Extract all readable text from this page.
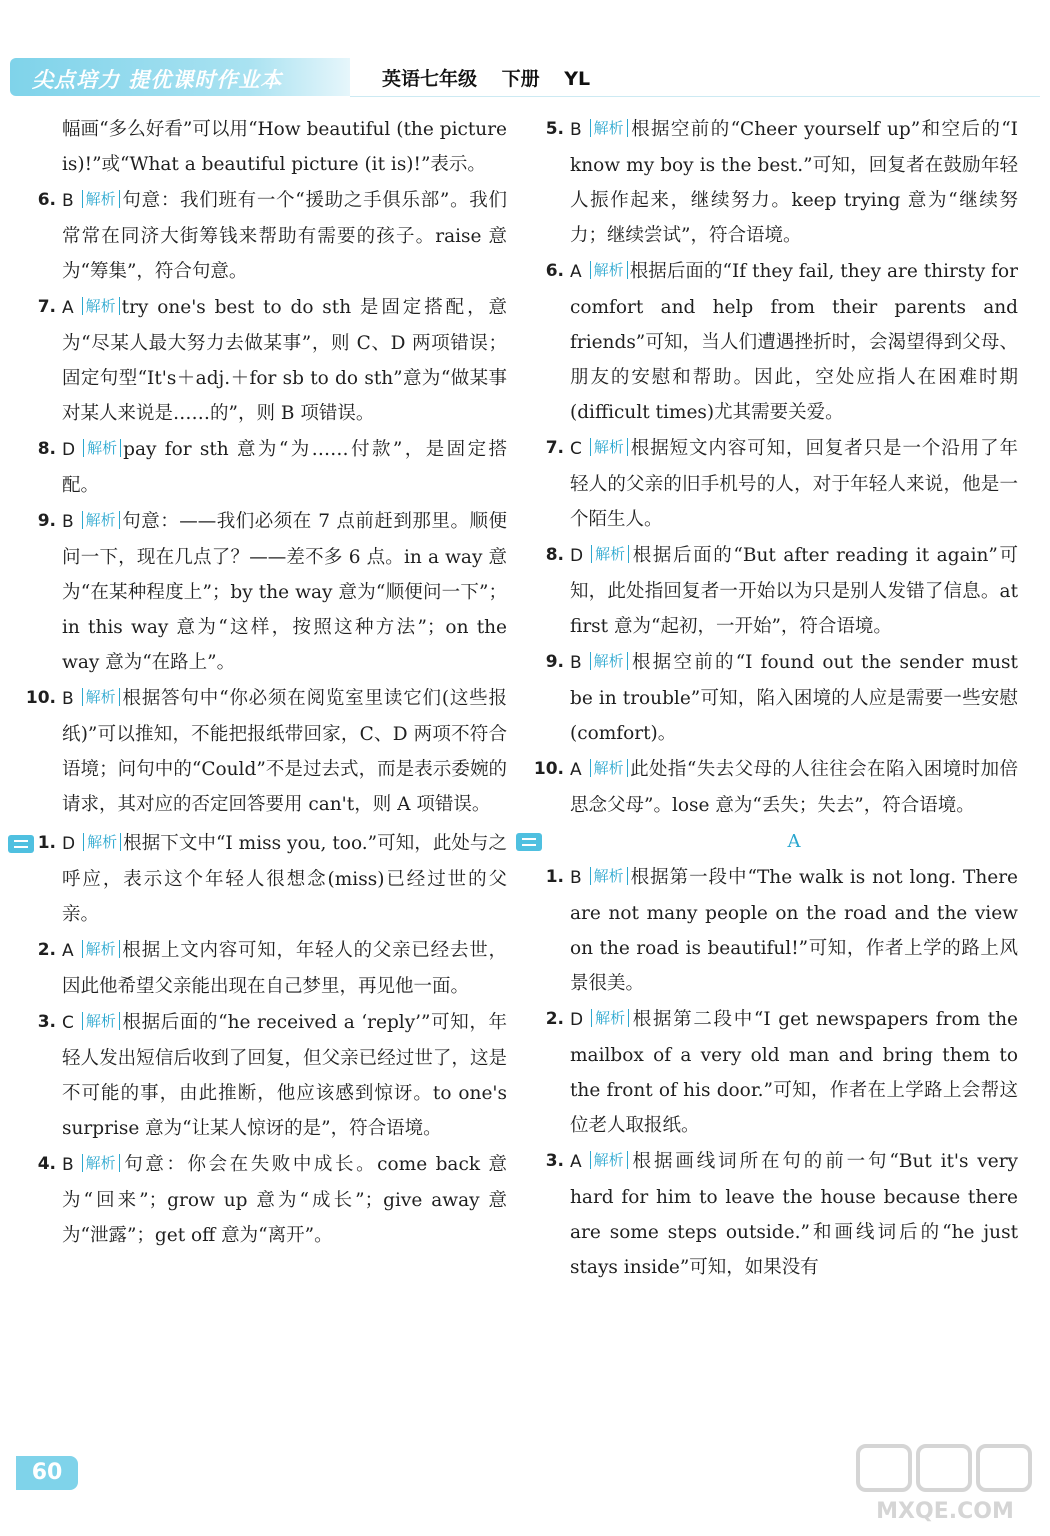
尖点培力 提优课时作业本	英语七年级 下册 YL
幅画“多么好看”可以用“How beautiful (the picture is)!”或“What a beautiful picture (it is)!”表示。
6. B 解析 句意：我们班有一个“援助之手俱乐部”。我们常常在同济大街筹钱来帮助有需要的孩子。raise 意为“筹集”，符合句意。
7. A 解析 try one's best to do sth 是固定搭配，意为“尽某人最大努力去做某事”，则 C、D 两项错误；固定句型“It's＋adj.＋for sb to do sth”意为“做某事对某人来说是……的”，则 B 项错误。
8. D 解析 pay for sth 意为“为……付款”，是固定搭配。
9. B 解析 句意：——我们必须在 7 点前赶到那里。顺便问一下，现在几点了？——差不多 6 点。in a way 意为“在某种程度上”；by the way 意为“顺便问一下”；in this way 意为“这样，按照这种方法”；on the way 意为“在路上”。
10. B 解析 根据答句中“你必须在阅览室里读它们(这些报纸)”可以推知，不能把报纸带回家，C、D 两项不符合语境；问句中的“Could”不是过去式，而是表示委婉的请求，其对应的否定回答要用 can't，则 A 项错误。
1. D 解析 根据下文中“I miss you, too.”可知，此处与之呼应，表示这个年轻人很想念(miss)已经过世的父亲。
2. A 解析 根据上文内容可知，年轻人的父亲已经去世，因此他希望父亲能出现在自己梦里，再见他一面。
3. C 解析 根据后面的“he received a ‘reply’”可知，年轻人发出短信后收到了回复，但父亲已经过世了，这是不可能的事，由此推断，他应该感到惊讶。to one's surprise 意为“让某人惊讶的是”，符合语境。
4. B 解析 句意：你会在失败中成长。come back 意为“回来”；grow up 意为“成长”；give away 意为“泄露”；get off 意为“离开”。
5. B 解析 根据空前的“Cheer yourself up”和空后的“I know my boy is the best.”可知，回复者在鼓励年轻人振作起来，继续努力。keep trying 意为“继续努力；继续尝试”，符合语境。
6. A 解析 根据后面的“If they fail, they are thirsty for comfort and help from their parents and friends”可知，当人们遭遇挫折时，会渴望得到父母、朋友的安慰和帮助。因此，空处应指人在困难时期(difficult times)尤其需要关爱。
7. C 解析 根据短文内容可知，回复者只是一个沿用了年轻人的父亲的旧手机号的人，对于年轻人来说，他是一个陌生人。
8. D 解析 根据后面的“But after reading it again”可知，此处指回复者一开始以为只是别人发错了信息。at first 意为“起初，一开始”，符合语境。
9. B 解析 根据空前的“I found out the sender must be in trouble”可知，陷入困境的人应是需要一些安慰(comfort)。
10. A 解析 此处指“失去父母的人往往会在陷入困境时加倍思念父母”。lose 意为“丢失；失去”，符合语境。
A
1. B 解析 根据第一段中“The walk is not long. There are not many people on the road and the view on the road is beautiful!”可知，作者上学的路上风景很美。
2. D 解析 根据第二段中“I get newspapers from the mailbox of a very old man and bring them to the front of his door.”可知，作者在上学路上会帮这位老人取报纸。
3. A 解析 根据画线词所在句的前一句“But it's very hard for him to leave the house because there are some steps outside.”和画线词后的“he just stays inside”可知，如果没有
60
MXQE.COM
